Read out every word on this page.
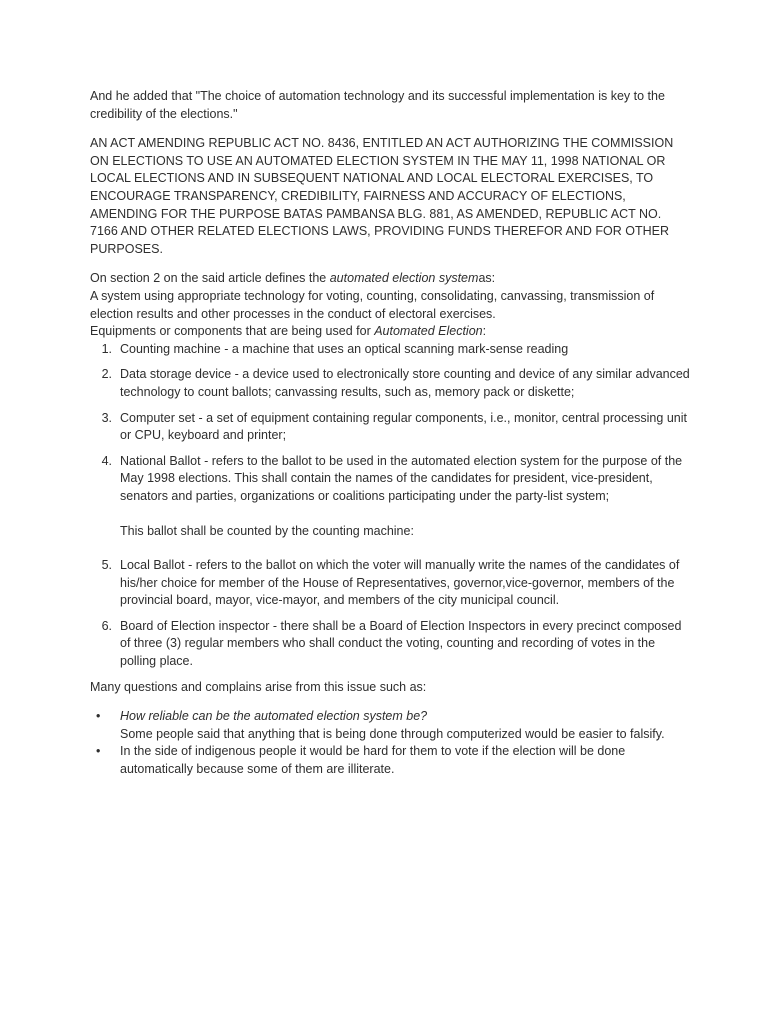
And he added that "The choice of automation technology and its successful implementation is key to the credibility of the elections."

AN ACT AMENDING REPUBLIC ACT NO. 8436, ENTITLED AN ACT AUTHORIZING THE COMMISSION ON ELECTIONS TO USE AN AUTOMATED ELECTION SYSTEM IN THE MAY 11, 1998 NATIONAL OR LOCAL ELECTIONS AND IN SUBSEQUENT NATIONAL AND LOCAL ELECTORAL EXERCISES, TO ENCOURAGE TRANSPARENCY, CREDIBILITY, FAIRNESS AND ACCURACY OF ELECTIONS, AMENDING FOR THE PURPOSE BATAS PAMBANSA BLG. 881, AS AMENDED, REPUBLIC ACT NO. 7166 AND OTHER RELATED ELECTIONS LAWS, PROVIDING FUNDS THEREFOR AND FOR OTHER PURPOSES.

On section 2 on the said article defines the automated election systemas:

A system using appropriate technology for voting, counting, consolidating, canvassing, transmission of election results and other processes in the conduct of electoral exercises.

Equipments or components that are being used for Automated Election:

1. Counting machine - a machine that uses an optical scanning mark-sense reading
2. Data storage device - a device used to electronically store counting and device of any similar advanced technology to count ballots; canvassing results, such as, memory pack or diskette;
3. Computer set - a set of equipment containing regular components, i.e., monitor, central processing unit or CPU, keyboard and printer;
4. National Ballot - refers to the ballot to be used in the automated election system for the purpose of the May 1998 elections. This shall contain the names of the candidates for president, vice-president, senators and parties, organizations or coalitions participating under the party-list system;

This ballot shall be counted by the counting machine:

5. Local Ballot - refers to the ballot on which the voter will manually write the names of the candidates of his/her choice for member of the House of Representatives, governor,vice-governor, members of the provincial board, mayor, vice-mayor, and members of the city municipal council.
6. Board of Election inspector - there shall be a Board of Election Inspectors in every precinct composed of three (3) regular members who shall conduct the voting, counting and recording of votes in the polling place.

Many questions and complains arise from this issue such as:

•	How reliable can be the automated election system be?
Some people said that anything that is being done through computerized would be easier to falsify.
•	In the side of indigenous people it would be hard for them to vote if the election will be done automatically because some of them are illiterate.
